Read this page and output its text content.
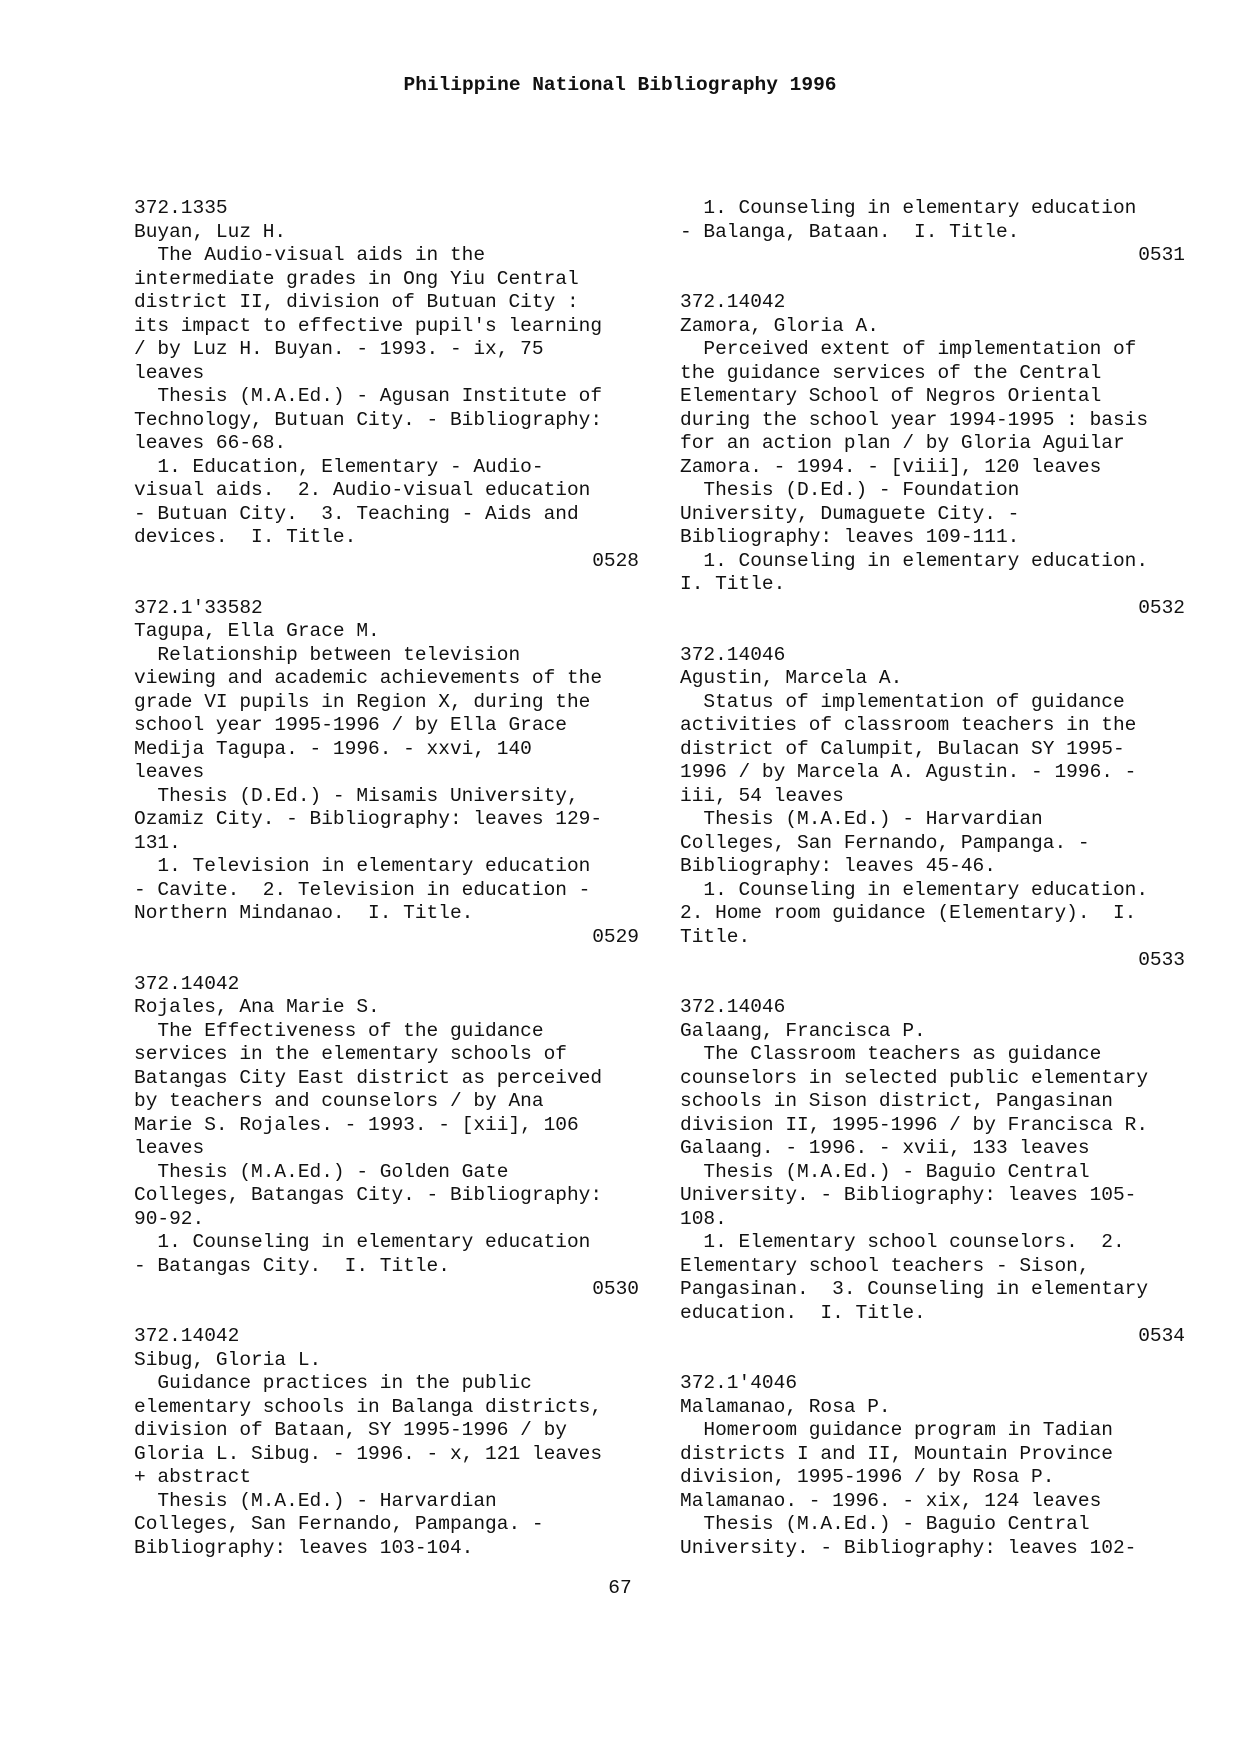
Philippine National Bibliography 1996
372.1335
Buyan, Luz H.
The Audio-visual aids in the
intermediate grades in Ong Yiu Central
district II, division of Butuan City :
its impact to effective pupil's learning
/ by Luz H. Buyan. - 1993. - ix, 75
leaves
Thesis (M.A.Ed.) - Agusan Institute of
Technology, Butuan City. - Bibliography:
leaves 66-68.
1. Education, Elementary - Audio-
visual aids.  2. Audio-visual education
- Butuan City.  3. Teaching - Aids and
devices.  I. Title.
0528
372.1'33582
Tagupa, Ella Grace M.
Relationship between television
viewing and academic achievements of the
grade VI pupils in Region X, during the
school year 1995-1996 / by Ella Grace
Medija Tagupa. - 1996. - xxvi, 140
leaves
Thesis (D.Ed.) - Misamis University,
Ozamiz City. - Bibliography: leaves 129-
131.
1. Television in elementary education
- Cavite.  2. Television in education -
Northern Mindanao.  I. Title.
0529
372.14042
Rojales, Ana Marie S.
The Effectiveness of the guidance
services in the elementary schools of
Batangas City East district as perceived
by teachers and counselors / by Ana
Marie S. Rojales. - 1993. - [xii], 106
leaves
Thesis (M.A.Ed.) - Golden Gate
Colleges, Batangas City. - Bibliography:
90-92.
1. Counseling in elementary education
- Batangas City.  I. Title.
0530
372.14042
Sibug, Gloria L.
Guidance practices in the public
elementary schools in Balanga districts,
division of Bataan, SY 1995-1996 / by
Gloria L. Sibug. - 1996. - x, 121 leaves
+ abstract
Thesis (M.A.Ed.) - Harvardian
Colleges, San Fernando, Pampanga. -
Bibliography: leaves 103-104.
1. Counseling in elementary education
- Balanga, Bataan.  I. Title.
0531
372.14042
Zamora, Gloria A.
Perceived extent of implementation of
the guidance services of the Central
Elementary School of Negros Oriental
during the school year 1994-1995 : basis
for an action plan / by Gloria Aguilar
Zamora. - 1994. - [viii], 120 leaves
Thesis (D.Ed.) - Foundation
University, Dumaguete City. -
Bibliography: leaves 109-111.
1. Counseling in elementary education.
I. Title.
0532
372.14046
Agustin, Marcela A.
Status of implementation of guidance
activities of classroom teachers in the
district of Calumpit, Bulacan SY 1995-
1996 / by Marcela A. Agustin. - 1996. -
iii, 54 leaves
Thesis (M.A.Ed.) - Harvardian
Colleges, San Fernando, Pampanga. -
Bibliography: leaves 45-46.
1. Counseling in elementary education.
2. Home room guidance (Elementary).  I.
Title.
0533
372.14046
Galaang, Francisca P.
The Classroom teachers as guidance
counselors in selected public elementary
schools in Sison district, Pangasinan
division II, 1995-1996 / by Francisca R.
Galaang. - 1996. - xvii, 133 leaves
Thesis (M.A.Ed.) - Baguio Central
University. - Bibliography: leaves 105-
108.
1. Elementary school counselors.  2.
Elementary school teachers - Sison,
Pangasinan.  3. Counseling in elementary
education.  I. Title.
0534
372.1'4046
Malamanao, Rosa P.
Homeroom guidance program in Tadian
districts I and II, Mountain Province
division, 1995-1996 / by Rosa P.
Malamanao. - 1996. - xix, 124 leaves
Thesis (M.A.Ed.) - Baguio Central
University. - Bibliography: leaves 102-
67
